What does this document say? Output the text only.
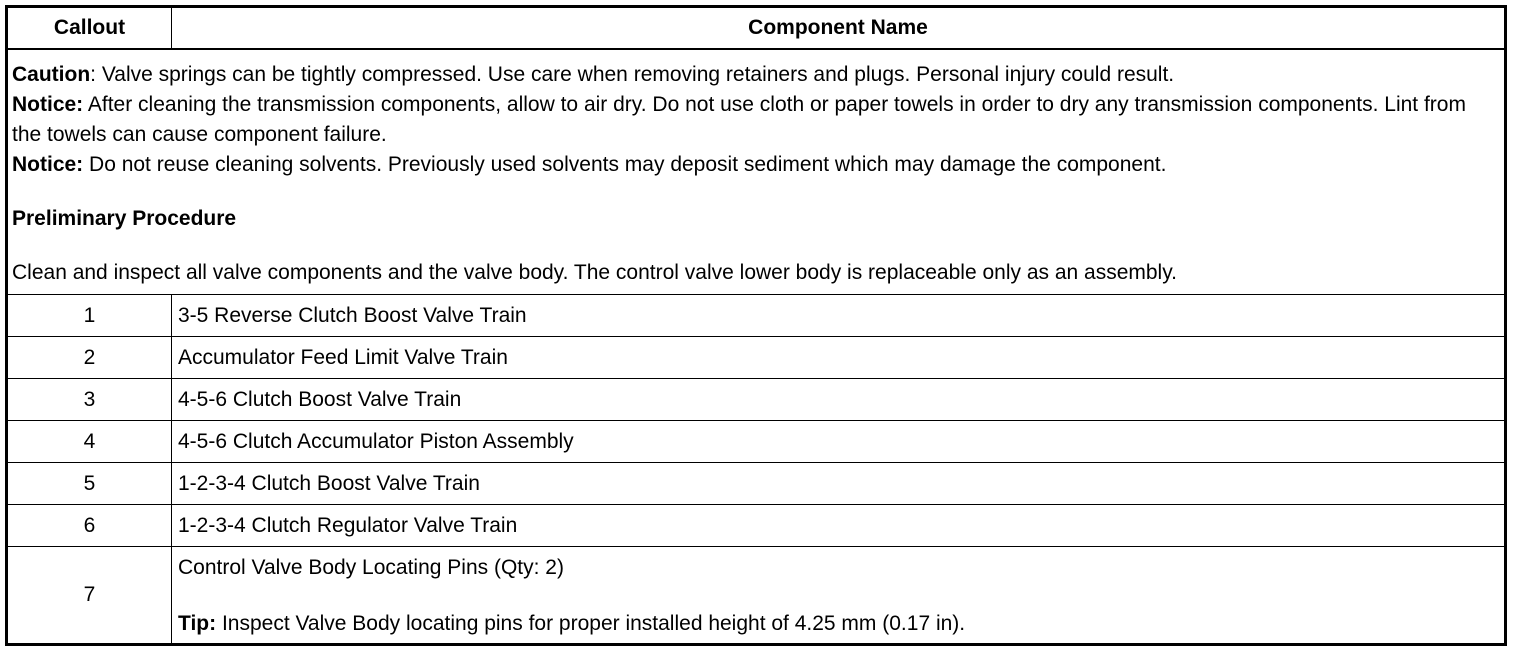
Callout	Component Name

Caution: Valve springs can be tightly compressed. Use care when removing retainers and plugs. Personal injury could result.

Notice: After cleaning the transmission components, allow to air dry. Do not use cloth or paper towels in order to dry any transmission components. Lint from the towels can cause component failure.

Notice: Do not reuse cleaning solvents. Previously used solvents may deposit sediment which may damage the component.

Preliminary Procedure

Clean and inspect all valve components and the valve body. The control valve lower body is replaceable only as an assembly.	

1	3-5 Reverse Clutch Boost Valve Train
2	Accumulator Feed Limit Valve Train
3	4-5-6 Clutch Boost Valve Train
4	4-5-6 Clutch Accumulator Piston Assembly
5	1-2-3-4 Clutch Boost Valve Train
6	1-2-3-4 Clutch Regulator Valve Train
7	Control Valve Body Locating Pins (Qty: 2)
Tip: Inspect Valve Body locating pins for proper installed height of 4.25 mm (0.17 in).
